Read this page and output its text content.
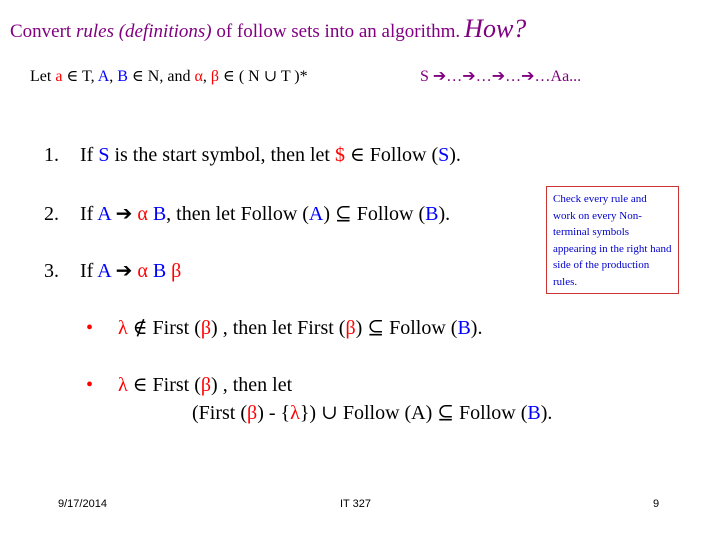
Convert rules (definitions) of follow sets into an algorithm. How?
Let a ∈ T, A, B ∈ N, and α, β ∈ ( N ∪ T )*	S ➔…➔…➔…➔…Aa...
1. If S is the start symbol, then let $ ∈ Follow (S).
2. If A ➔ α B, then let Follow (A) ⊆ Follow (B).
3. If A ➔ α B β
• λ ∉ First (β) , then let First (β) ⊆ Follow (B).
• λ ∈ First (β) , then let
(First (β) - {λ}) ∪ Follow (A) ⊆ Follow (B).
Check every rule and work on every Non-terminal symbols appearing in the right hand side of the production rules.
9/17/2014	IT 327	9
